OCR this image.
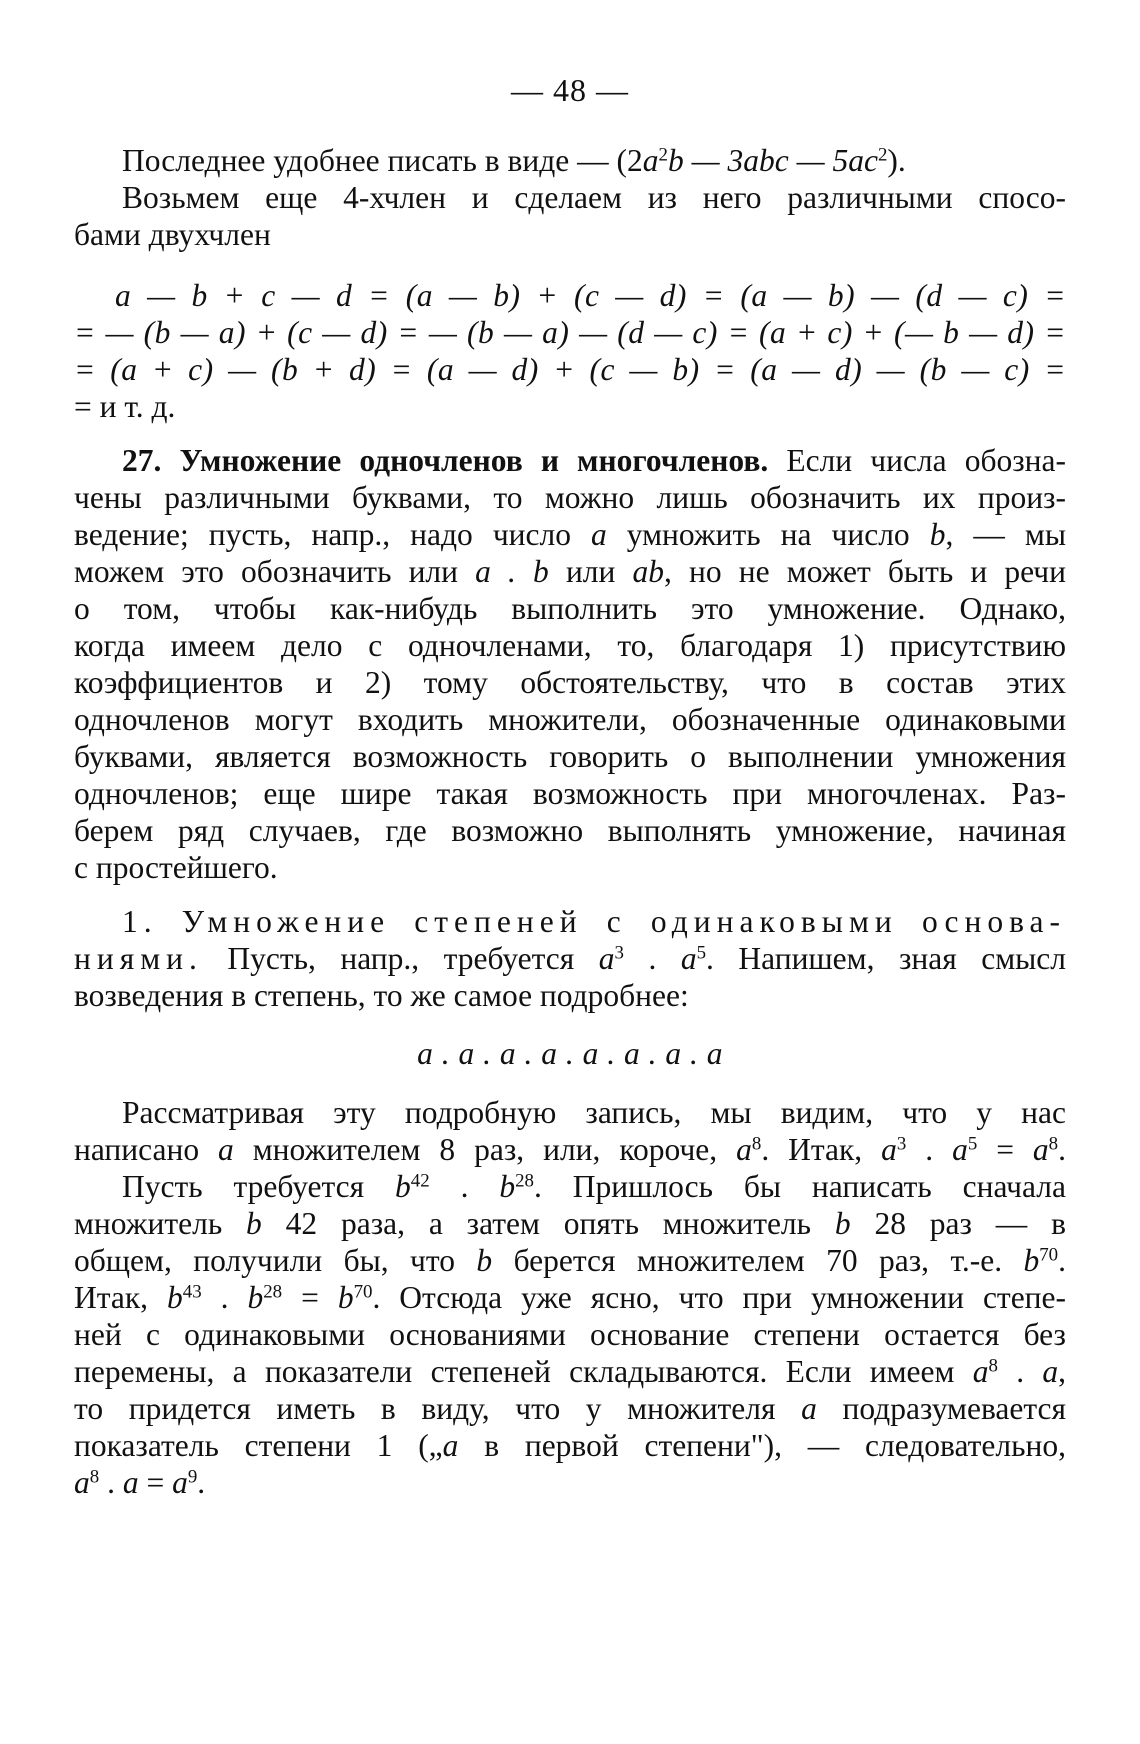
— 48 —
Последнее удобнее писать в виде — ($2a^2b$ — 3abc — $5ac^2$).
Возьмем еще 4-хчлен и сделаем из него различными спосо-
бами двухчлен
a — b + c — d = (a — b) + (c — d) = (a — b) — (d — c) =
= — (b — a) + (c — d) = — (b — a) — (d — c) = (a + c) + (— b — d) =
= (a + c) — (b + d) = (a — d) + (c — b) = (a — d) — (b — c) =
= и т. д.
27. Умножение одночленов и многочленов. Если числа обозна-
чены различными буквами, то можно лишь обозначить их произ-
ведение; пусть, напр., надо число a умножить на число b, — мы
можем это обозначить или a . b или ab, но не может быть и речи
о том, чтобы как-нибудь выполнить это умножение. Однако,
когда имеем дело с одночленами, то, благодаря 1) присутствию
коэффициентов и 2) тому обстоятельству, что в состав этих
одночленов могут входить множители, обозначенные одинаковыми
буквами, является возможность говорить о выполнении умножения
одночленов; еще шире такая возможность при многочленах. Раз-
берем ряд случаев, где возможно выполнять умножение, начиная
с простейшего.
1. Умножение степеней с одинаковыми основа-
ниями. Пусть, напр., требуется $a^3$ . $a^5$. Напишем, зная смысл
возведения в степень, то же самое подробнее:
a . a . a . a . a . a . a . a
Рассматривая эту подробную запись, мы видим, что у нас
написано a множителем 8 раз, или, короче, $a^8$. Итак, $a^3$ . $a^5 = a^8$.
Пусть требуется $b^{42}$ . $b^{28}$. Пришлось бы написать сначала
множитель b 42 раза, а затем опять множитель b 28 раз — в
общем, получили бы, что b берется множителем 70 раз, т.-е. $b^{70}$.
Итак, $b^{43}$ . $b^{28} = b^{70}$. Отсюда уже ясно, что при умножении степе-
ней с одинаковыми основаниями основание степени остается без
перемены, а показатели степеней складываются. Если имеем $a^8$ . a,
то придется иметь в виду, что у множителя a подразумевается
показатель степени 1 („a в первой степени"), — следовательно,
$a^8$ . $a = a^9$.
